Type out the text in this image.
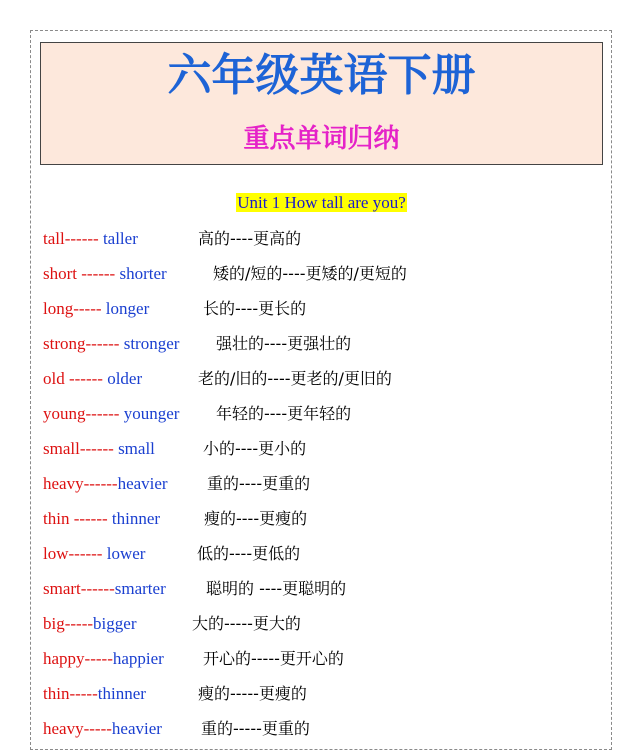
六年级英语下册
重点单词归纳
Unit 1 How tall are you?
tall------ taller	高的----更高的
short ------ shorter	矮的/短的----更矮的/更短的
long----- longer	长的----更长的
strong------ stronger 强壮的----更强壮的
old ------ older	老的/旧的----更老的/更旧的
young------ younger 年轻的----更年轻的
small------ small	小的----更小的
heavy------heavier 重的----更重的
thin ------ thinner	瘦的----更瘦的
low------ lower	低的----更低的
smart------smarter	聪明的 ----更聪明的
big-----bigger	大的-----更大的
happy-----happier 开心的-----更开心的
thin-----thinner	瘦的-----更瘦的
heavy-----heavier 重的-----更重的
